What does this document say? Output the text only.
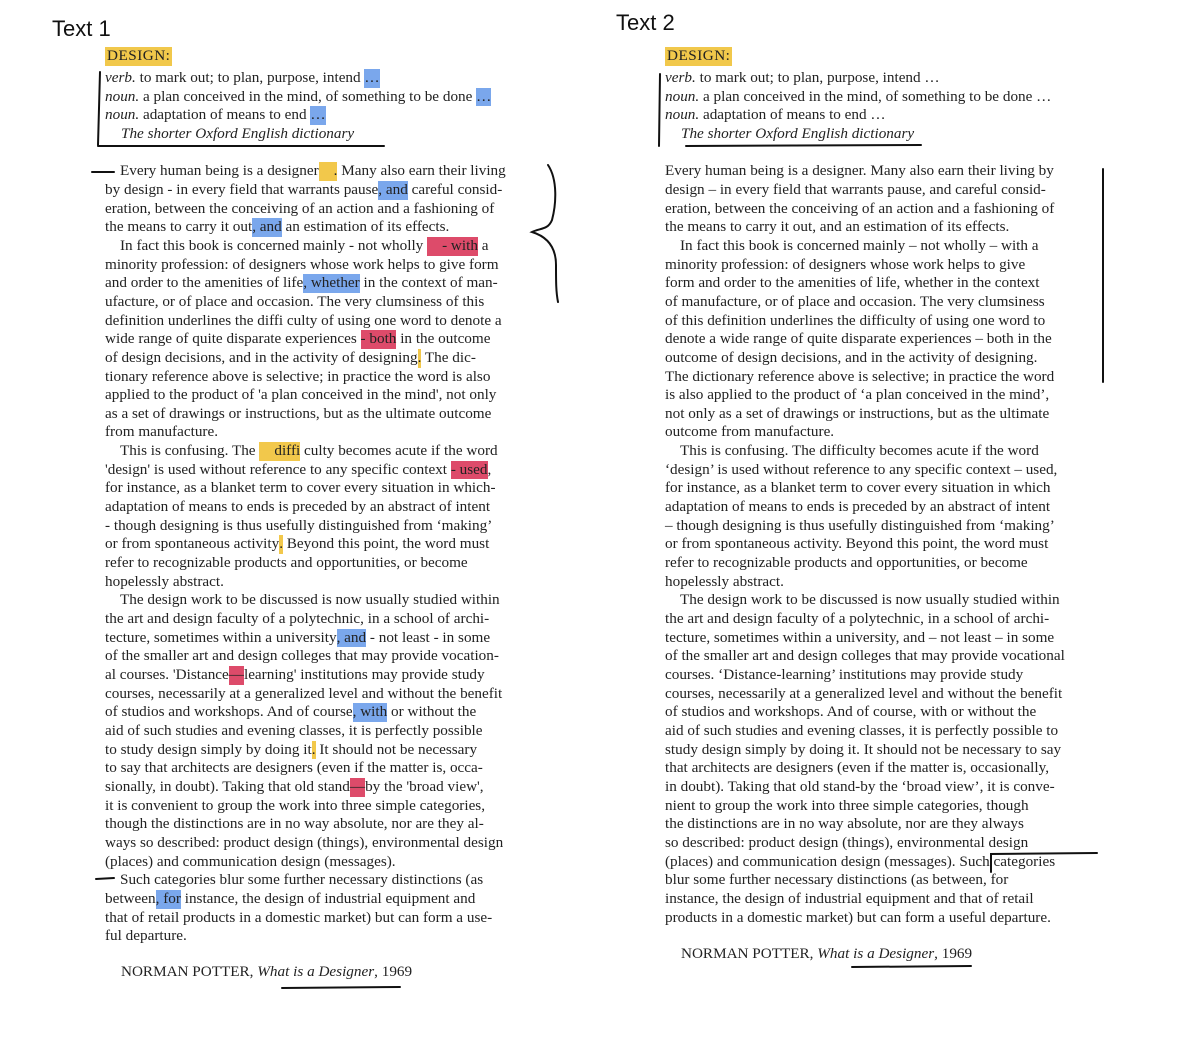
Text 1	Text 2
DESIGN:

verb. to mark out; to plan, purpose, intend …

noun. a plan conceived in the mind, of something to be done …

noun. adaptation of means to end …

The shorter Oxford English dictionary

Every human being is a designer . Many also earn their living

by design - in every field that warrants pause, and careful consid-

eration, between the conceiving of an action and a fashioning of

the means to carry it out, and an estimation of its effects.

In fact this book is concerned mainly - not wholly - with a

minority profession: of designers whose work helps to give form

and order to the amenities of life, whether in the context of man-

ufacture, or of place and occasion. The very clumsiness of this

definition underlines the diffi culty of using one word to denote a

wide range of quite disparate experiences - both in the outcome

of design decisions, and in the activity of designing. The dic-

tionary reference above is selective; in practice the word is also

applied to the product of 'a plan conceived in the mind', not only

as a set of drawings or instructions, but as the ultimate outcome

from manufacture.

This is confusing. The diffi culty becomes acute if the word

'design' is used without reference to any specific context - used,

for instance, as a blanket term to cover every situation in which-

adaptation of means to ends is preceded by an abstract of intent

- though designing is thus usefully distinguished from ‘making’

or from spontaneous activity. Beyond this point, the word must

refer to recognizable products and opportunities, or become

hopelessly abstract.

The design work to be discussed is now usually studied within

the art and design faculty of a polytechnic, in a school of archi-

tecture, sometimes within a university, and - not least - in some

of the smaller art and design colleges that may provide vocation-

al courses. 'Distance—learning' institutions may provide study

courses, necessarily at a generalized level and without the benefit

of studios and workshops. And of course, with or without the

aid of such studies and evening classes, it is perfectly possible

to study design simply by doing it. It should not be necessary

to say that architects are designers (even if the matter is, occa-

sionally, in doubt). Taking that old stand—by the 'broad view',

it is convenient to group the work into three simple categories,

though the distinctions are in no way absolute, nor are they al-

ways so described: product design (things), environmental design

(places) and communication design (messages).

Such categories blur some further necessary distinctions (as

between, for instance, the design of industrial equipment and

that of retail products in a domestic market) but can form a use-

ful departure.

NORMAN POTTER, What is a Designer, 1969
DESIGN:

verb. to mark out; to plan, purpose, intend …

noun. a plan conceived in the mind, of something to be done …

noun. adaptation of means to end …

The shorter Oxford English dictionary

Every human being is a designer. Many also earn their living by

design – in every field that warrants pause, and careful consid-

eration, between the conceiving of an action and a fashioning of

the means to carry it out, and an estimation of its effects.

In fact this book is concerned mainly – not wholly – with a

minority profession: of designers whose work helps to give

form and order to the amenities of life, whether in the context

of manufacture, or of place and occasion. The very clumsiness

of this definition underlines the difficulty of using one word to

denote a wide range of quite disparate experiences – both in the

outcome of design decisions, and in the activity of designing.

The dictionary reference above is selective; in practice the word

is also applied to the product of ‘a plan conceived in the mind’,

not only as a set of drawings or instructions, but as the ultimate

outcome from manufacture.

This is confusing. The difficulty becomes acute if the word

‘design’ is used without reference to any specific context – used,

for instance, as a blanket term to cover every situation in which

adaptation of means to ends is preceded by an abstract of intent

– though designing is thus usefully distinguished from ‘making’

or from spontaneous activity. Beyond this point, the word must

refer to recognizable products and opportunities, or become

hopelessly abstract.

The design work to be discussed is now usually studied within

the art and design faculty of a polytechnic, in a school of archi-

tecture, sometimes within a university, and – not least – in some

of the smaller art and design colleges that may provide vocational

courses. ‘Distance-learning’ institutions may provide study

courses, necessarily at a generalized level and without the benefit

of studios and workshops. And of course, with or without the

aid of such studies and evening classes, it is perfectly possible to

study design simply by doing it. It should not be necessary to say

that architects are designers (even if the matter is, occasionally,

in doubt). Taking that old stand-by the ‘broad view’, it is conve-

nient to group the work into three simple categories, though

the distinctions are in no way absolute, nor are they always

so described: product design (things), environmental design

(places) and communication design (messages). Such categories

blur some further necessary distinctions (as between, for

instance, the design of industrial equipment and that of retail

products in a domestic market) but can form a useful departure.

NORMAN POTTER, What is a Designer, 1969
